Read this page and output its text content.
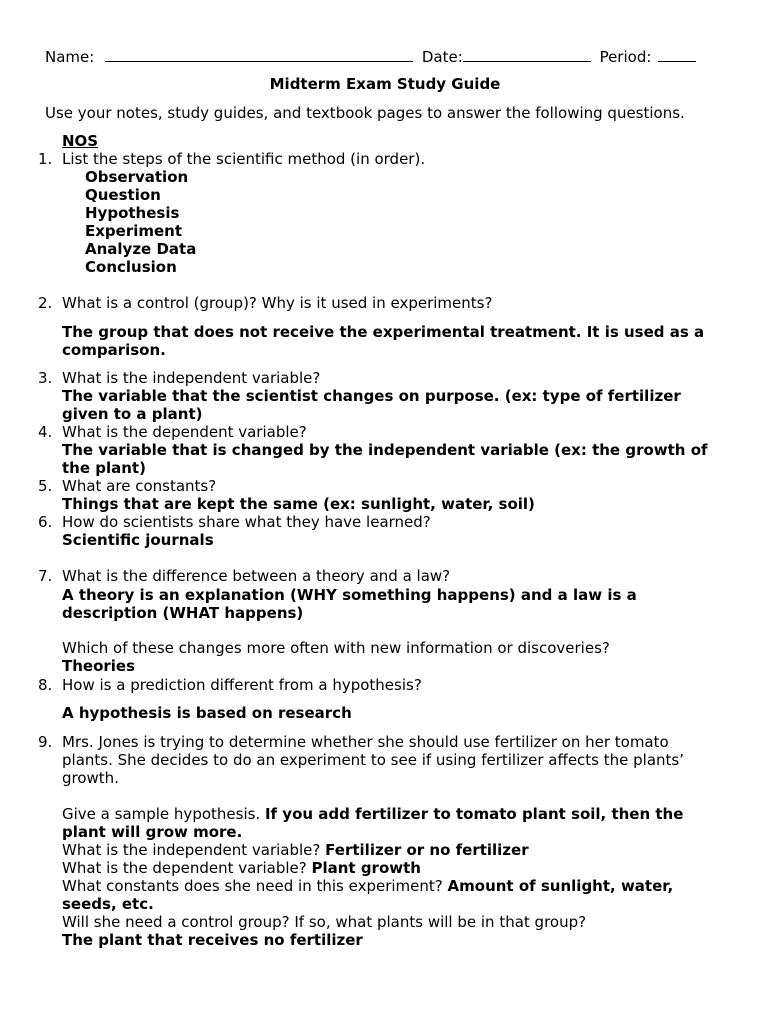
Name:	Date:	Period:
Midterm Exam Study Guide
Use your notes, study guides, and textbook pages to answer the following questions.
NOS
1. List the steps of the scientific method (in order).
Observation
Question
Hypothesis
Experiment
Analyze Data
Conclusion
2. What is a control (group)? Why is it used in experiments?
The group that does not receive the experimental treatment. It is used as a
comparison.
3. What is the independent variable?
The variable that the scientist changes on purpose. (ex: type of fertilizer
given to a plant)
4. What is the dependent variable?
The variable that is changed by the independent variable (ex: the growth of
the plant)
5. What are constants?
Things that are kept the same (ex: sunlight, water, soil)
6. How do scientists share what they have learned?
Scientific journals
7. What is the difference between a theory and a law?
A theory is an explanation (WHY something happens) and a law is a
description (WHAT happens)
Which of these changes more often with new information or discoveries?
Theories
8. How is a prediction different from a hypothesis?
A hypothesis is based on research
9. Mrs. Jones is trying to determine whether she should use fertilizer on her tomato
plants. She decides to do an experiment to see if using fertilizer affects the plants’
growth.
Give a sample hypothesis. If you add fertilizer to tomato plant soil, then the
plant will grow more.
What is the independent variable? Fertilizer or no fertilizer
What is the dependent variable? Plant growth
What constants does she need in this experiment? Amount of sunlight, water,
seeds, etc.
Will she need a control group? If so, what plants will be in that group?
The plant that receives no fertilizer
